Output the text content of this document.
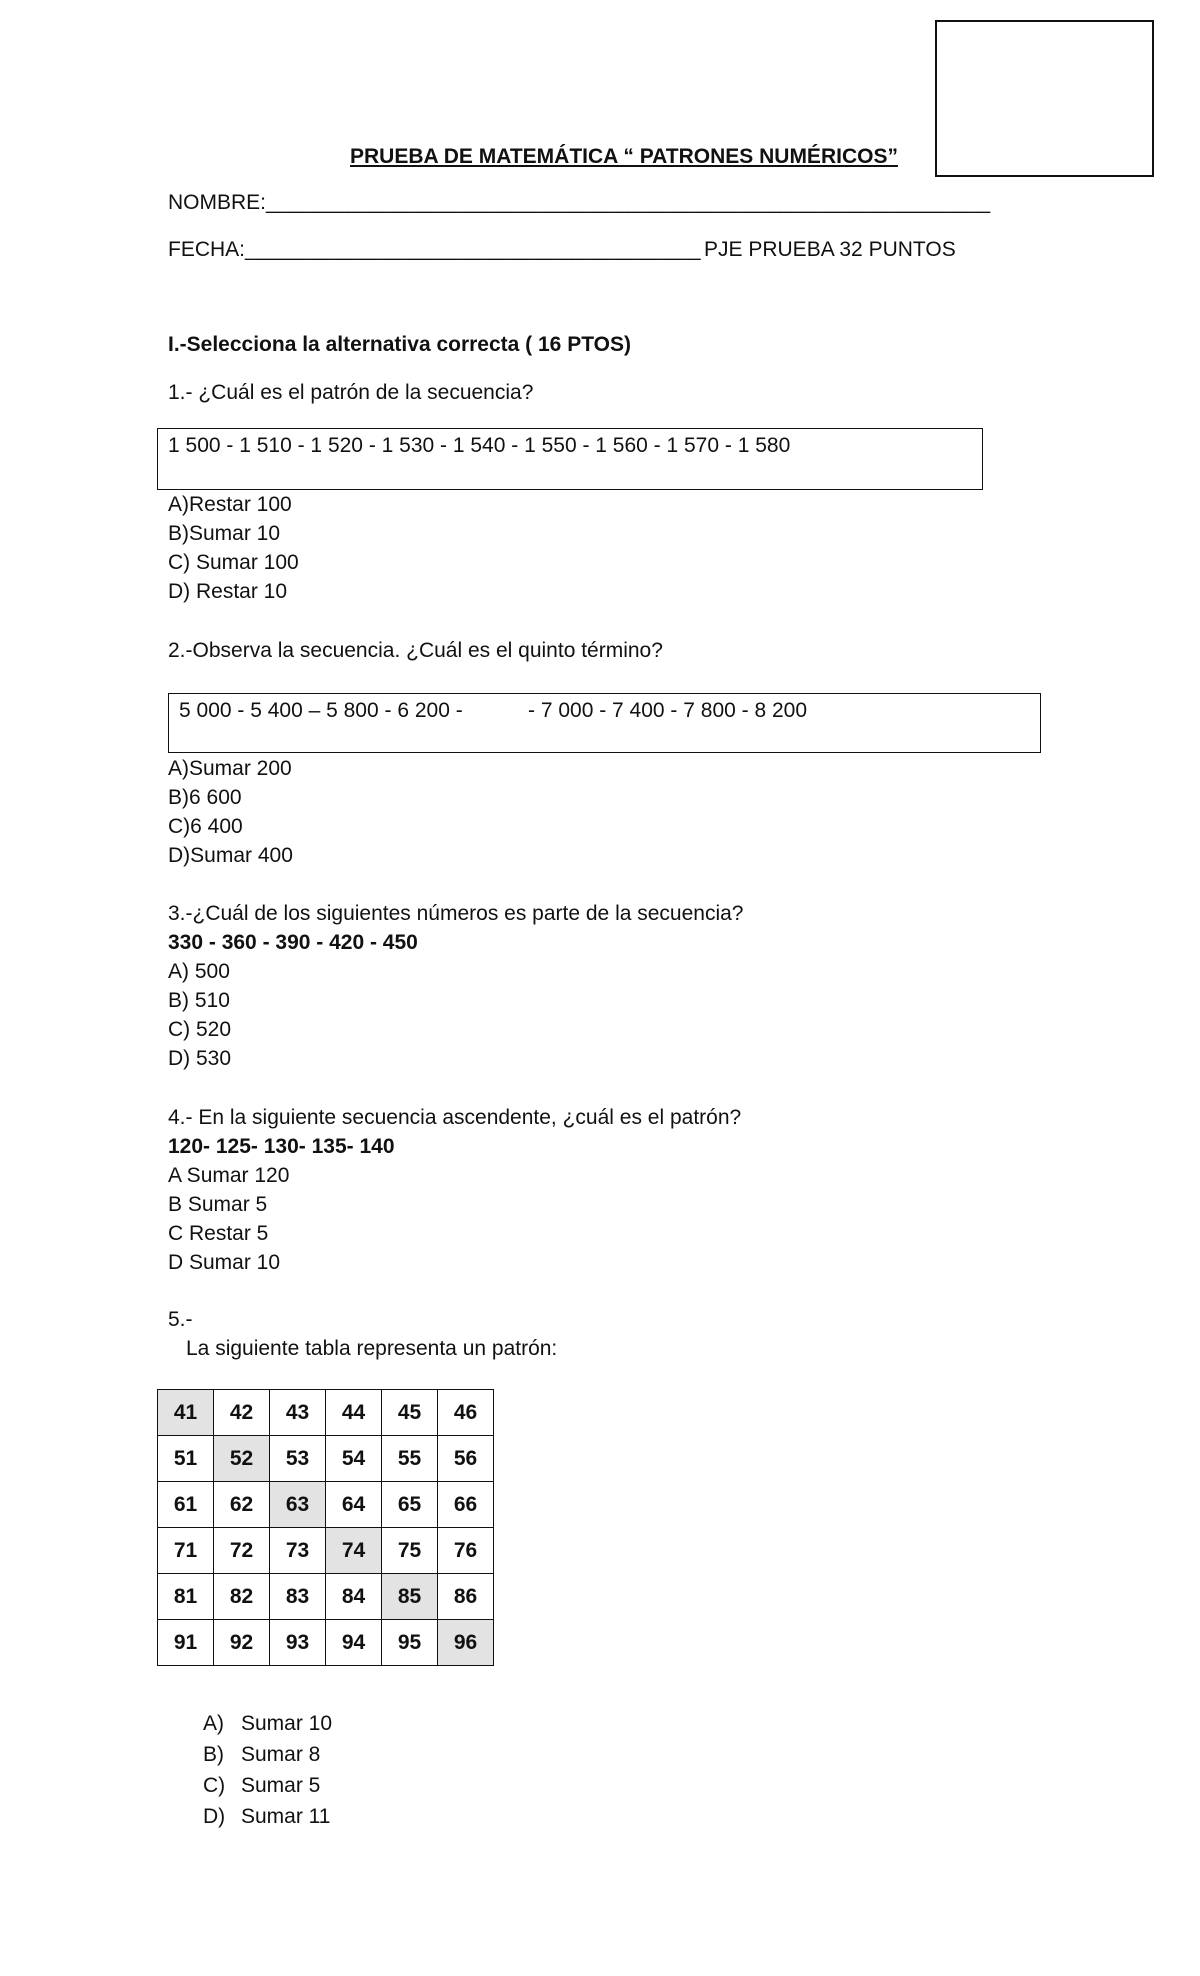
PRUEBA DE MATEMÁTICA “ PATRONES NUMÉRICOS”
NOMBRE:______________________________________________________________
FECHA:_______________________________________ PJE PRUEBA 32 PUNTOS
I.-Selecciona la alternativa correcta ( 16 PTOS)
1.- ¿Cuál es el patrón de la secuencia?
1 500 - 1 510 - 1 520 - 1 530 - 1 540 - 1 550 - 1 560 - 1 570 - 1 580
A)Restar 100
B)Sumar 10
C) Sumar 100
D) Restar 10
2.-Observa la secuencia. ¿Cuál es el quinto término?
5 000 - 5 400 – 5 800 - 6 200 -	- 7 000 - 7 400 - 7 800 - 8 200
A)Sumar 200
B)6 600
C)6 400
D)Sumar 400
3.-¿Cuál de los siguientes números es parte de la secuencia?
330 - 360 - 390 - 420 - 450
A) 500
B) 510
C) 520
D) 530
4.- En la siguiente secuencia ascendente, ¿cuál es el patrón?
120- 125- 130- 135- 140
A Sumar 120
B Sumar 5
C Restar 5
D Sumar 10
5.-
La siguiente tabla representa un patrón:
41	42	43	44	45	46
51	52	53	54	55	56
61	62	63	64	65	66
71	72	73	74	75	76
81	82	83	84	85	86
91	92	93	94	95	96
A) Sumar 10
B) Sumar 8
C) Sumar 5
D) Sumar 11
